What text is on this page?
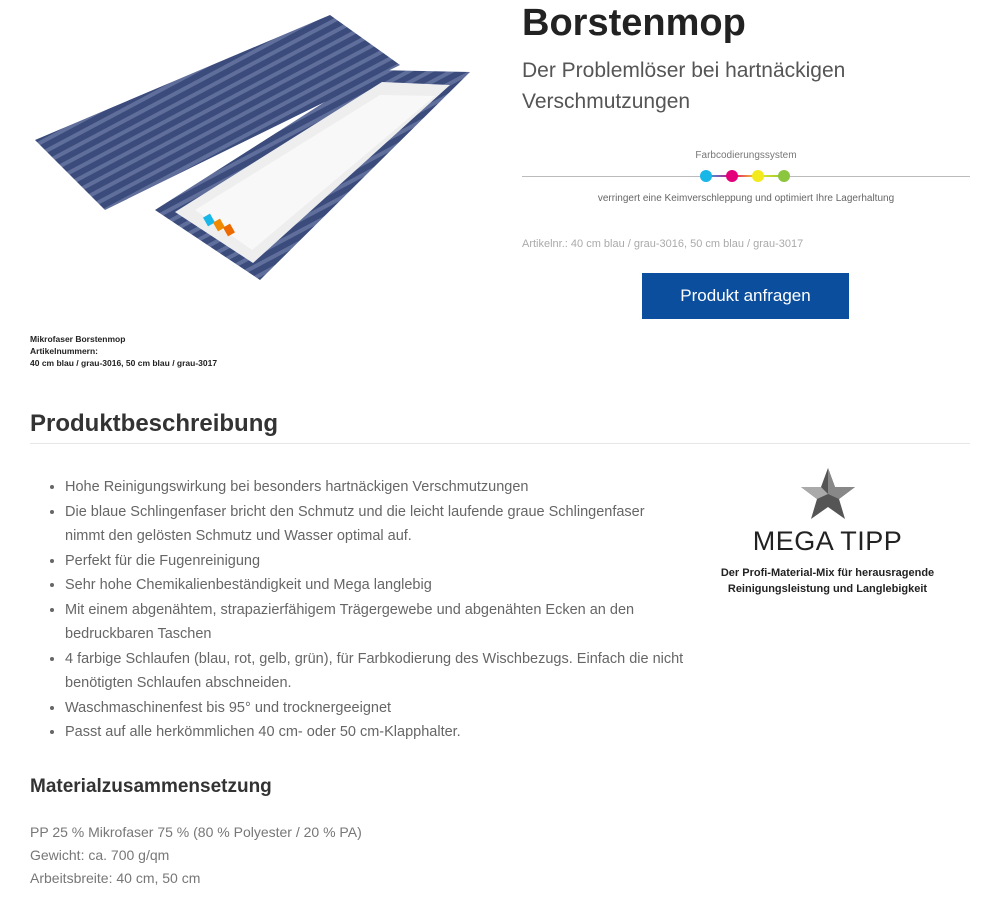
Mikrofaser Borstenmop
Artikelnummern:
40 cm blau / grau-3016, 50 cm blau / grau-3017
Borstenmop
Der Problemlöser bei hartnäckigen Verschmutzungen
Farbcodierungssystem
verringert eine Keimverschleppung und optimiert Ihre Lagerhaltung
Artikelnr.: 40 cm blau / grau-3016, 50 cm blau / grau-3017
Produkt anfragen
Produktbeschreibung
• Hohe Reinigungswirkung bei besonders hartnäckigen Verschmutzungen
• Die blaue Schlingenfaser bricht den Schmutz und die leicht laufende graue Schlingenfaser nimmt den gelösten Schmutz und Wasser optimal auf.
• Perfekt für die Fugenreinigung
• Sehr hohe Chemikalienbeständigkeit und Mega langlebig
• Mit einem abgenähtem, strapazierfähigem Trägergewebe und abgenähten Ecken an den bedruckbaren Taschen
• 4 farbige Schlaufen (blau, rot, gelb, grün), für Farbkodierung des Wischbezugs. Einfach die nicht benötigten Schlaufen abschneiden.
• Waschmaschinenfest bis 95° und trocknergeeignet
• Passt auf alle herkömmlichen 40 cm- oder 50 cm-Klapphalter.
MEGA TIPP
Der Profi-Material-Mix für herausragende
Reinigungsleistung und Langlebigkeit
Materialzusammensetzung
PP 25 % Mikrofaser 75 % (80 % Polyester / 20 % PA)
Gewicht: ca. 700 g/qm
Arbeitsbreite: 40 cm, 50 cm
